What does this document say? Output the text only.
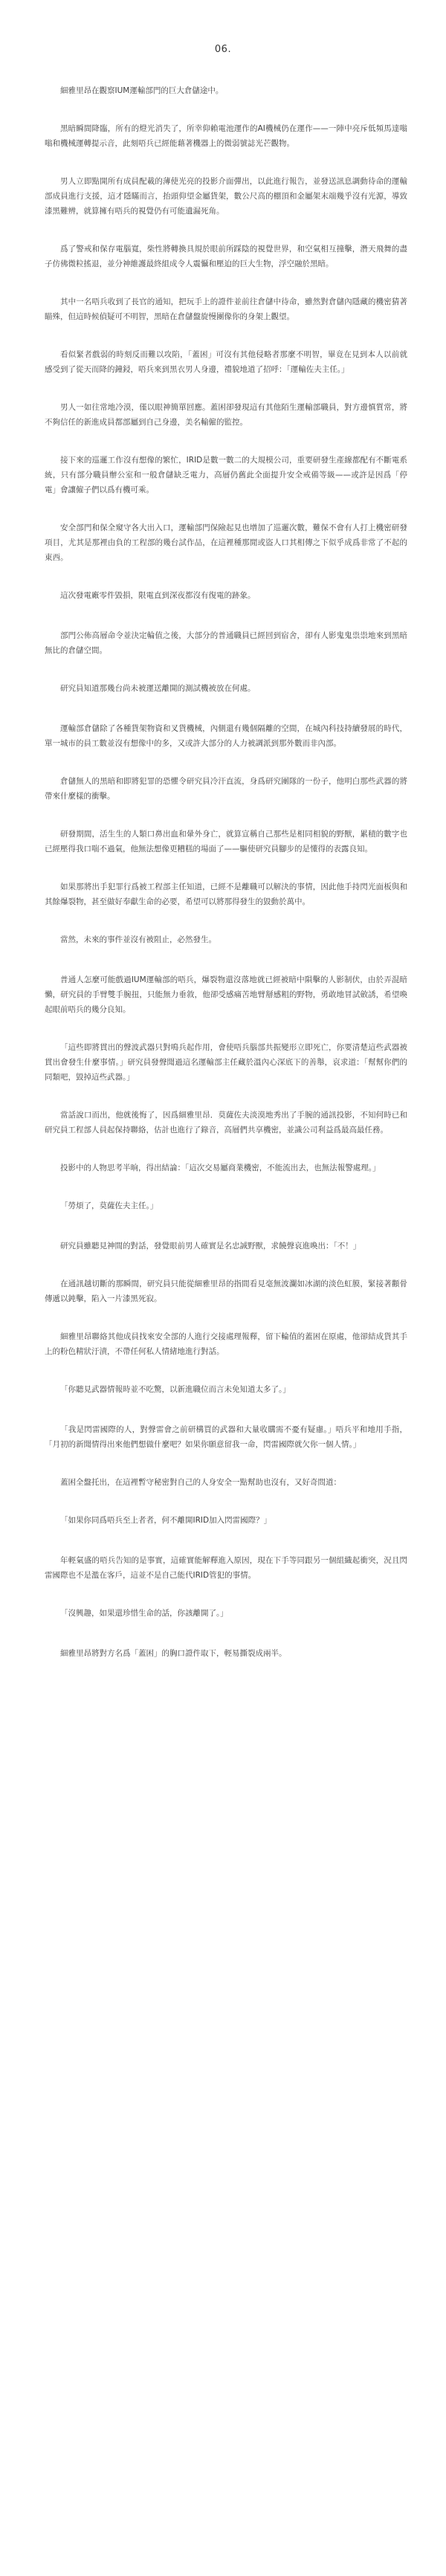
06.

細雅里昂在觀察IUM運輸部門的巨大倉儲途中。

黑暗瞬間降臨，所有的燈光消失了，所幸仰賴電池運作的AI機械仍在運作——一陣中亮斥低頻馬達嗡嗡和機械運轉提示音，此刻唔兵已經能藉著機器上的微弱號誌光芒觀物。

男人立即點開所有成員配載的薄使光亮的投影介面彈出，以此進行報告，並發送訊息調動待命的運輸部成員進行支援，這才隱瞞而言，抬頭仰望金屬貨架，數公尺高的棚頂和金屬架末端幾乎沒有光源，導致漆黑難辨，就算擁有唔兵的視覺仍有可能遺漏死角。

爲了警戒和保存電腦寬，柴性將轉換具規於眼前所踩陰的視覺世界，和空氣相互撞擊，潛天飛舞的盡子仿佛微粒搖退，並分神維護最終組成令人震懾和壓迫的巨大生物，浮空融於黑暗。

其中一名唔兵收到了長官的通知，把玩手上的證件並前往倉儲中待命，雖然對倉儲內隱藏的機密猜著瞄殊，但這時候偵疑可不明智，黑暗在倉儲盤旋慢團像你的身架上觀望。

看似緊者戲弱的時刻反而難以攻陷，「蓋困」可沒有其他侵略者那麼不明智，畢竟在見到本人以前就感受到了從天而降的鐘鋟，唔兵來到黑衣男人身邊，禮貌地道了招呼：「運輸佐夫主任。」

男人一如往常地冷漠，僅以眼神簡單回應。蓋困卻發現這有其他陌生運輸部職員，對方邊慎質常，將不夠信任的新進成員都部屬到自己身邊，美名輸僱的監控。

接下來的巡邏工作沒有想像的繁忙，IRID是數一數二的大規模公司，重要研發生產線都配有不斷電系統，只有部分職員辦公室和一般倉儲缺乏電力，高層仍舊此全面提升安全戒備等級——或許是因爲「停電」會讓僱子們以爲有機可乘。

安全部門和保全窺守各大出入口，運輸部門保險起見也增加了巡邏次數，難保不會有人打上機密研發項目，尤其是那裡由負的工程部的幾台試作品，在這裡種那閒或盜人口其相傳之下似乎成爲非常了不起的東西。

這次發電廠零件毀損，限電直到深夜都沒有復電的跡象。

部門公佈高層命令並決定輪值之後，大部分的普通職員已經回到宿舍，卻有人影鬼鬼祟祟地來到黑暗無比的倉儲空間。

研究員知道那幾台尚未被運送離開的測試機被放在何處。

運輸部倉儲除了各種貨架物資和叉貨機械，內側還有幾個隔離的空間，在城內科技持續發展的時代，單一城市的員工數並沒有想像中的多，又或許大部分的人力被調派到那外數而非內部。

倉儲無人的黑暗和即將犯罪的恐懼令研究員冷汗直流，身爲研究團隊的一份子，他明白那些武器的將帶來什麼樣的衝擊。

研發期間，活生生的人類口鼻出血和暈外身亡，就算宣稱自己那些是相同相貌的野獸，累積的數字也已經壓得我口喘不過氣，他無法想像更糟糕的場面了——驅使研究員腳步的是懂得的表露良知。

如果那將出手犯罪行爲被工程部主任知道，已經不是離職可以解決的事情，因此他手持閃光面板與和其餘爆裂物，甚至做好奉獻生命的必要，希望可以將那得發生的毀動於萬中。

當然，未來的事件並沒有被阻止，必然發生。

普通人怎麼可能戲過IUM運輸部的唔兵，爆裂物還沒落地就已經被暗中隕擊的人影制伏，由於弄混暗懶，研究員的手臂雙手腕扭，只能無力垂敘，他卻受感痛苦地臂掰感粗的野物，勇敢地冒試斂誘，希望喚起眼前唔兵的幾分良知。

「這些即將貫出的聲波武器只對鳴兵起作用，會使唔兵腦部共振變形立即死亡，你要清楚這些武器被貫出會發生什麼事情。」研究員發聲聞過這名運輸部主任藏於溫內心深底下的善舉，哀求道：「幫幫你們的同類吧，毀掉這些武器。」

當話說口而出，他就後悔了，因爲細雅里昂．莫薩佐夫淡漠地秀出了手腕的通訊投影，不知何時已和研究員工程部人員起保持聯絡，估計也進行了錄音，高層們共享機密，並識公司利益爲最高最任務。

投影中的人物思考半晌，得出結論：「這次交易屬商業機密，不能流出去，也無法報警處理。」

「勞煩了，莫薩佐夫主任。」

研究員雖聽見神間的對話，發覺眼前男人確實是名忠誠野獸，求饒聲哀進喚出：「不！」

在通訊越切斷的那瞬間，研究員只能從細雅里昂的指間看見毫無波瀾如冰湖的淡色虹膜，緊接著顴骨傳遞以鈍擊，陷入一片漆黑死寂。

細雅里昂聯絡其他成員找來安全部的人進行交接處理報釋，留下輪值的蓋困在原處，他卻結成貨其手上的粉色精狀汙漬，不帶任何私人情緒地進行對話。

「你聽見武器情報時並不吃驚，以新進職位而言未免知道太多了。」

「我是閃雷國際的人，對聲雷會之前研構買的武器和大量收購需不憂有疑慮。」唔兵平和地用手指，「月初的新聞情得出來他們想做什麼吧？如果你願意留我一命，閃雷國際就欠你一個人情。」

蓋困全盤托出，在這裡暫守秘密對自己的人身安全一點幫助也沒有，又好奇問道：

「如果你同爲唔兵至上者者，何不離開IRID加入閃雷國際？」

年輕氣盛的唔兵告知的是事實，這確實能解釋進入原因，現在下手等同跟另一個組織起衝突，況且閃雷國際也不是濫在客戶，這並不是自己能代IRID管犯的事情。

「沒興趣，如果還珍惜生命的話，你該離開了。」

細雅里昂將對方名爲「蓋困」的胸口證件取下，輕易撕裂成兩半。
